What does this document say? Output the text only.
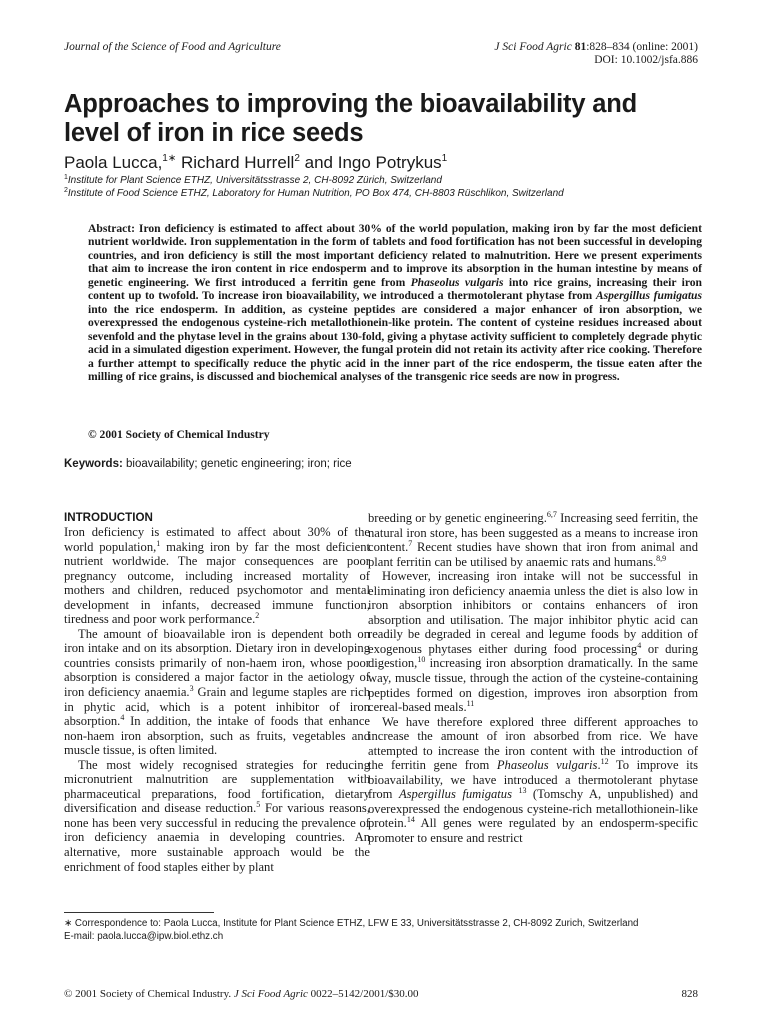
Journal of the Science of Food and Agriculture	J Sci Food Agric 81:828–834 (online: 2001)
DOI: 10.1002/jsfa.886
Approaches to improving the bioavailability and
level of iron in rice seeds
Paola Lucca,$^{1∗}$ Richard Hurrell$^2$ and Ingo Potrykus$^1$
$^1$Institute for Plant Science ETHZ, Universitätsstrasse 2, CH-8092 Zürich, Switzerland
$^2$Institute of Food Science ETHZ, Laboratory for Human Nutrition, PO Box 474, CH-8803 Rüschlikon, Switzerland

Abstract: Iron deficiency is estimated to affect about 30% of the world population, making iron by far the most deficient nutrient worldwide. Iron supplementation in the form of tablets and food fortification has not been successful in developing countries, and iron deficiency is still the most important deficiency related to malnutrition. Here we present experiments that aim to increase the iron content in rice endosperm and to improve its absorption in the human intestine by means of genetic engineering. We first introduced a ferritin gene from Phaseolus vulgaris into rice grains, increasing their iron content up to twofold. To increase iron bioavailability, we introduced a thermotolerant phytase from Aspergillus fumigatus into the rice endosperm. In addition, as cysteine peptides are considered a major enhancer of iron absorption, we overexpressed the endogenous cysteine-rich metallothionein-like protein. The content of cysteine residues increased about sevenfold and the phytase level in the grains about 130-fold, giving a phytase activity sufficient to completely degrade phytic acid in a simulated digestion experiment. However, the fungal protein did not retain its activity after rice cooking. Therefore a further attempt to specifically reduce the phytic acid in the inner part of the rice endosperm, the tissue eaten after the milling of rice grains, is discussed and biochemical analyses of the transgenic rice seeds are now in progress.

© 2001 Society of Chemical Industry
Keywords: bioavailability; genetic engineering; iron; rice
INTRODUCTION

Iron deficiency is estimated to affect about 30% of the world population,$^1$ making iron by far the most deficient nutrient worldwide. The major consequences are poor pregnancy outcome, including increased mortality of mothers and children, reduced psychomotor and mental development in infants, decreased immune function, tiredness and poor work performance.$^2$

The amount of bioavailable iron is dependent both on iron intake and on its absorption. Dietary iron in developing countries consists primarily of non-haem iron, whose poor absorption is considered a major factor in the aetiology of iron deficiency anaemia.$^3$ Grain and legume staples are rich in phytic acid, which is a potent inhibitor of iron absorption.$^4$ In addition, the intake of foods that enhance non-haem iron absorption, such as fruits, vegetables and muscle tissue, is often limited.

The most widely recognised strategies for reducing micronutrient malnutrition are supplementation with pharmaceutical preparations, food fortification, dietary diversification and disease reduction.$^5$ For various reasons, none has been very successful in reducing the prevalence of iron deficiency anaemia in developing countries. An alternative, more sustainable approach would be the enrichment of food staples either by plant

breeding or by genetic engineering.$^{6,7}$ Increasing seed ferritin, the natural iron store, has been suggested as a means to increase iron content.$^7$ Recent studies have shown that iron from animal and plant ferritin can be utilised by anaemic rats and humans.$^{8,9}$

However, increasing iron intake will not be successful in eliminating iron deficiency anaemia unless the diet is also low in iron absorption inhibitors or contains enhancers of iron absorption and utilisation. The major inhibitor phytic acid can readily be degraded in cereal and legume foods by addition of exogenous phytases either during food processing$^4$ or during digestion,$^{10}$ increasing iron absorption dramatically. In the same way, muscle tissue, through the action of the cysteine-containing peptides formed on digestion, improves iron absorption from cereal-based meals.$^{11}$

We have therefore explored three different approaches to increase the amount of iron absorbed from rice. We have attempted to increase the iron content with the introduction of the ferritin gene from Phaseolus vulgaris.$^{12}$ To improve its bioavailability, we have introduced a thermotolerant phytase from Aspergillus fumigatus $^{13}$ (Tomschy A, unpublished) and overexpressed the endogenous cysteine-rich metallothionein-like protein.$^{14}$ All genes were regulated by an endosperm-specific promoter to ensure and restrict

∗ Correspondence to: Paola Lucca, Institute for Plant Science ETHZ, LFW E 33, Universitätsstrasse 2, CH-8092 Zurich, Switzerland
E-mail: paola.lucca@ipw.biol.ethz.ch
© 2001 Society of Chemical Industry. J Sci Food Agric 0022–5142/2001/$30.00	828
